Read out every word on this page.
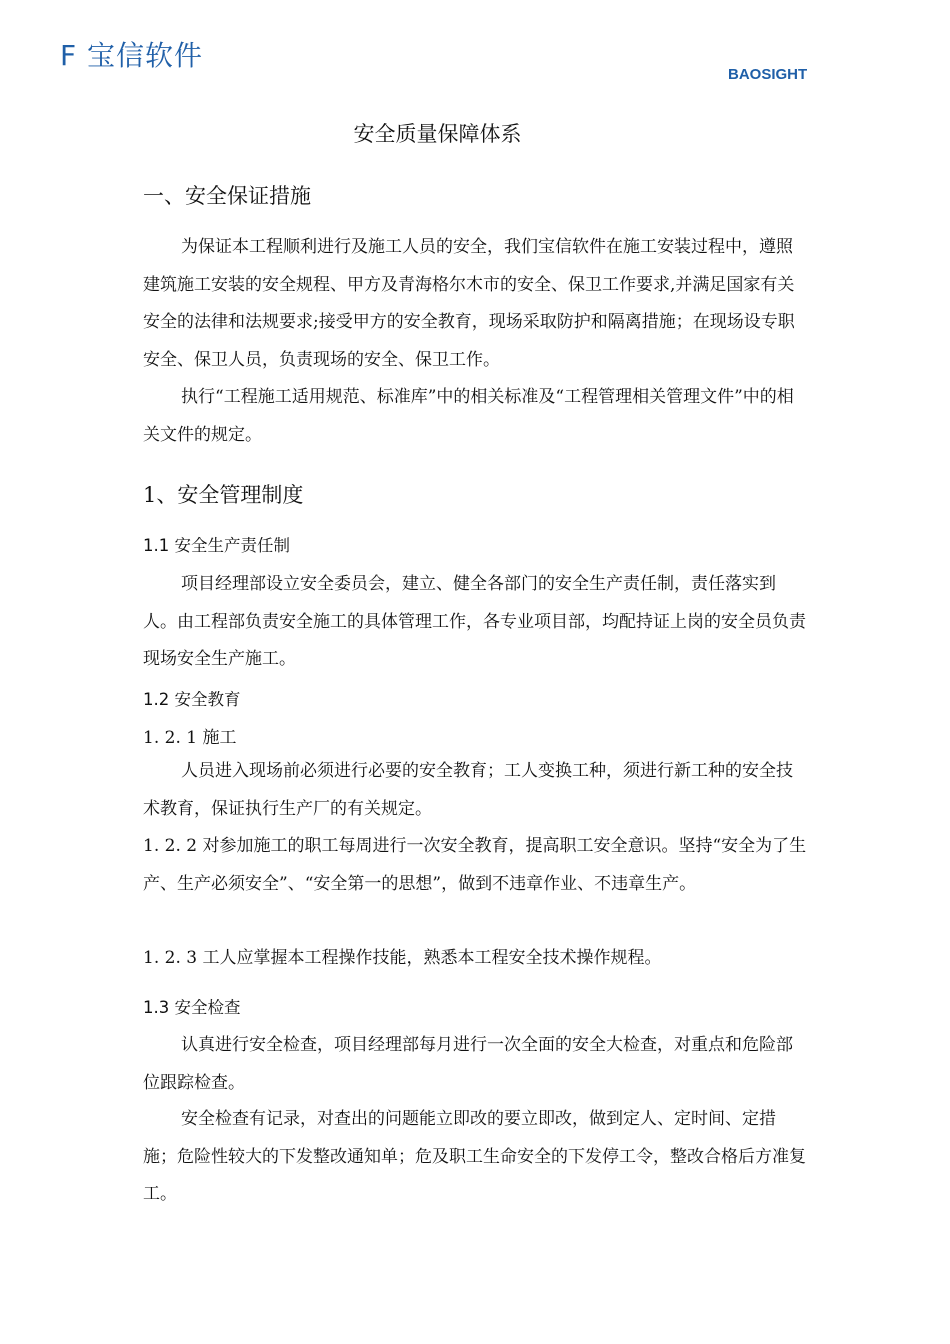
F 宝信软件
BAOSIGHT
安全质量保障体系
一、安全保证措施

为保证本工程顺利进行及施工人员的安全，我们宝信软件在施工安装过程中，遵照建筑施工安装的安全规程、甲方及青海格尔木市的安全、保卫工作要求,并满足国家有关安全的法律和法规要求;接受甲方的安全教育，现场采取防护和隔离措施；在现场设专职安全、保卫人员，负责现场的安全、保卫工作。

执行“工程施工适用规范、标准库”中的相关标准及“工程管理相关管理文件”中的相关文件的规定。

1、安全管理制度
1.1 安全生产责任制

项目经理部设立安全委员会，建立、健全各部门的安全生产责任制，责任落实到人。由工程部负责安全施工的具体管理工作，各专业项目部，均配持证上岗的安全员负责现场安全生产施工。

1.2 安全教育
1. 2. 1 施工

人员进入现场前必须进行必要的安全教育；工人变换工种，须进行新工种的安全技术教育，保证执行生产厂的有关规定。

1. 2. 2 对参加施工的职工每周进行一次安全教育，提高职工安全意识。坚持“安全为了生产、生产必须安全”、“安全第一的思想”，做到不违章作业、不违章生产。

1. 2. 3 工人应掌握本工程操作技能，熟悉本工程安全技术操作规程。

1.3 安全检查

认真进行安全检查，项目经理部每月进行一次全面的安全大检查，对重点和危险部位跟踪检查。

安全检查有记录，对查出的问题能立即改的要立即改，做到定人、定时间、定措施；危险性较大的下发整改通知单；危及职工生命安全的下发停工令，整改合格后方准复工。
